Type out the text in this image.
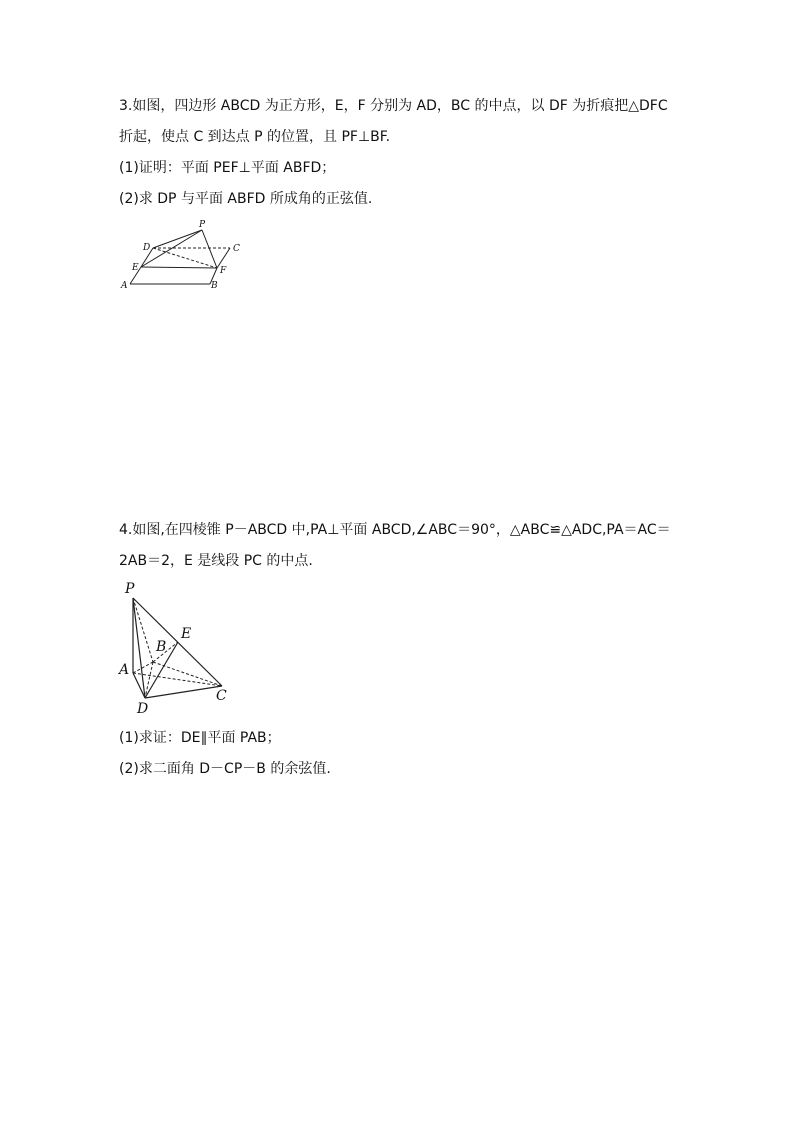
3.如图，四边形 ABCD 为正方形，E，F 分别为 AD，BC 的中点，以 DF 为折痕把△DFC
折起，使点 C 到达点 P 的位置，且 PF⊥BF.
(1)证明：平面 PEF⊥平面 ABFD；
(2)求 DP 与平面 ABFD 所成角的正弦值.
P
D	C
E	F
A	B
4.如图,在四棱锥 P－ABCD 中,PA⊥平面 ABCD,∠ABC＝90°，△ABC≌△ADC,PA＝AC＝
2AB＝2，E 是线段 PC 的中点.
P
E
B
A
C
D
(1)求证：DE∥平面 PAB；
(2)求二面角 D－CP－B 的余弦值.
